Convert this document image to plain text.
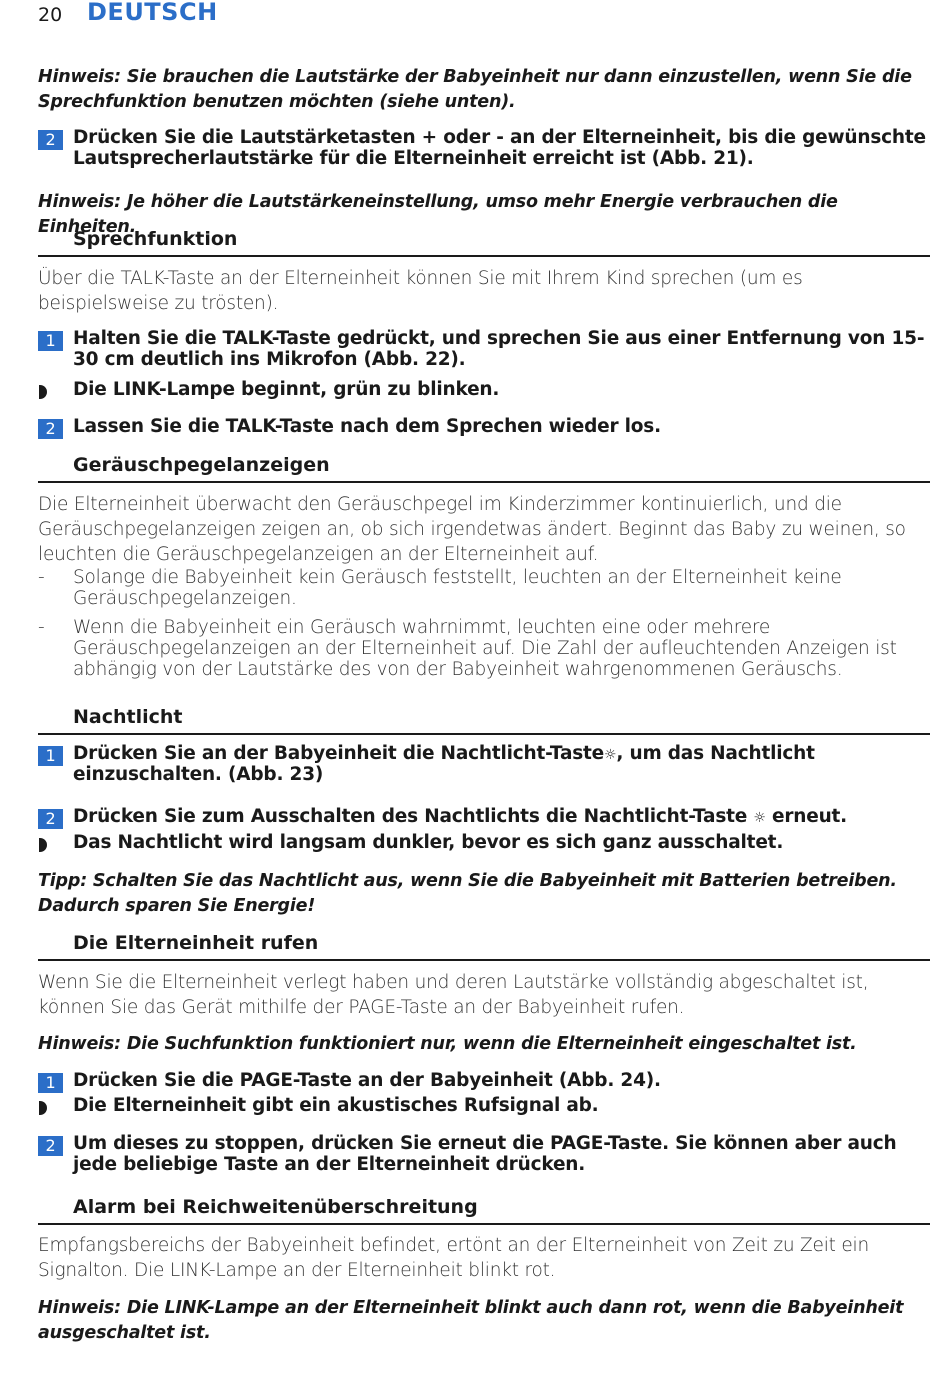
20 DEUTSCH
Hinweis: Sie brauchen die Lautstärke der Babyeinheit nur dann einzustellen, wenn Sie die Sprechfunktion benutzen möchten (siehe unten).
2 Drücken Sie die Lautstärketasten + oder - an der Elterneinheit, bis die gewünschte Lautsprecherlautstärke für die Elterneinheit erreicht ist (Abb. 21).
Hinweis: Je höher die Lautstärkeneinstellung, umso mehr Energie verbrauchen die Einheiten.
Sprechfunktion
Über die TALK-Taste an der Elterneinheit können Sie mit Ihrem Kind sprechen (um es beispielsweise zu trösten).
1 Halten Sie die TALK-Taste gedrückt, und sprechen Sie aus einer Entfernung von 15-30 cm deutlich ins Mikrofon (Abb. 22).
Die LINK-Lampe beginnt, grün zu blinken.
2 Lassen Sie die TALK-Taste nach dem Sprechen wieder los.
Geräuschpegelanzeigen
Die Elterneinheit überwacht den Geräuschpegel im Kinderzimmer kontinuierlich, und die Geräuschpegelanzeigen zeigen an, ob sich irgendetwas ändert. Beginnt das Baby zu weinen, so leuchten die Geräuschpegelanzeigen an der Elterneinheit auf.
- Solange die Babyeinheit kein Geräusch feststellt, leuchten an der Elterneinheit keine Geräuschpegelanzeigen.
- Wenn die Babyeinheit ein Geräusch wahrnimmt, leuchten eine oder mehrere Geräuschpegelanzeigen an der Elterneinheit auf. Die Zahl der aufleuchtenden Anzeigen ist abhängig von der Lautstärke des von der Babyeinheit wahrgenommenen Geräuschs.
Nachtlicht
1 Drücken Sie an der Babyeinheit die Nachtlicht-Taste☼, um das Nachtlicht einzuschalten. (Abb. 23)
2 Drücken Sie zum Ausschalten des Nachtlichts die Nachtlicht-Taste ☼ erneut.
Das Nachtlicht wird langsam dunkler, bevor es sich ganz ausschaltet.
Tipp: Schalten Sie das Nachtlicht aus, wenn Sie die Babyeinheit mit Batterien betreiben. Dadurch sparen Sie Energie!
Die Elterneinheit rufen
Wenn Sie die Elterneinheit verlegt haben und deren Lautstärke vollständig abgeschaltet ist, können Sie das Gerät mithilfe der PAGE-Taste an der Babyeinheit rufen.
Hinweis: Die Suchfunktion funktioniert nur, wenn die Elterneinheit eingeschaltet ist.
1 Drücken Sie die PAGE-Taste an der Babyeinheit (Abb. 24).
Die Elterneinheit gibt ein akustisches Rufsignal ab.
2 Um dieses zu stoppen, drücken Sie erneut die PAGE-Taste. Sie können aber auch jede beliebige Taste an der Elterneinheit drücken.
Alarm bei Reichweitenüberschreitung
Empfangsbereichs der Babyeinheit befindet, ertönt an der Elterneinheit von Zeit zu Zeit ein Signalton. Die LINK-Lampe an der Elterneinheit blinkt rot.
Hinweis: Die LINK-Lampe an der Elterneinheit blinkt auch dann rot, wenn die Babyeinheit ausgeschaltet ist.
